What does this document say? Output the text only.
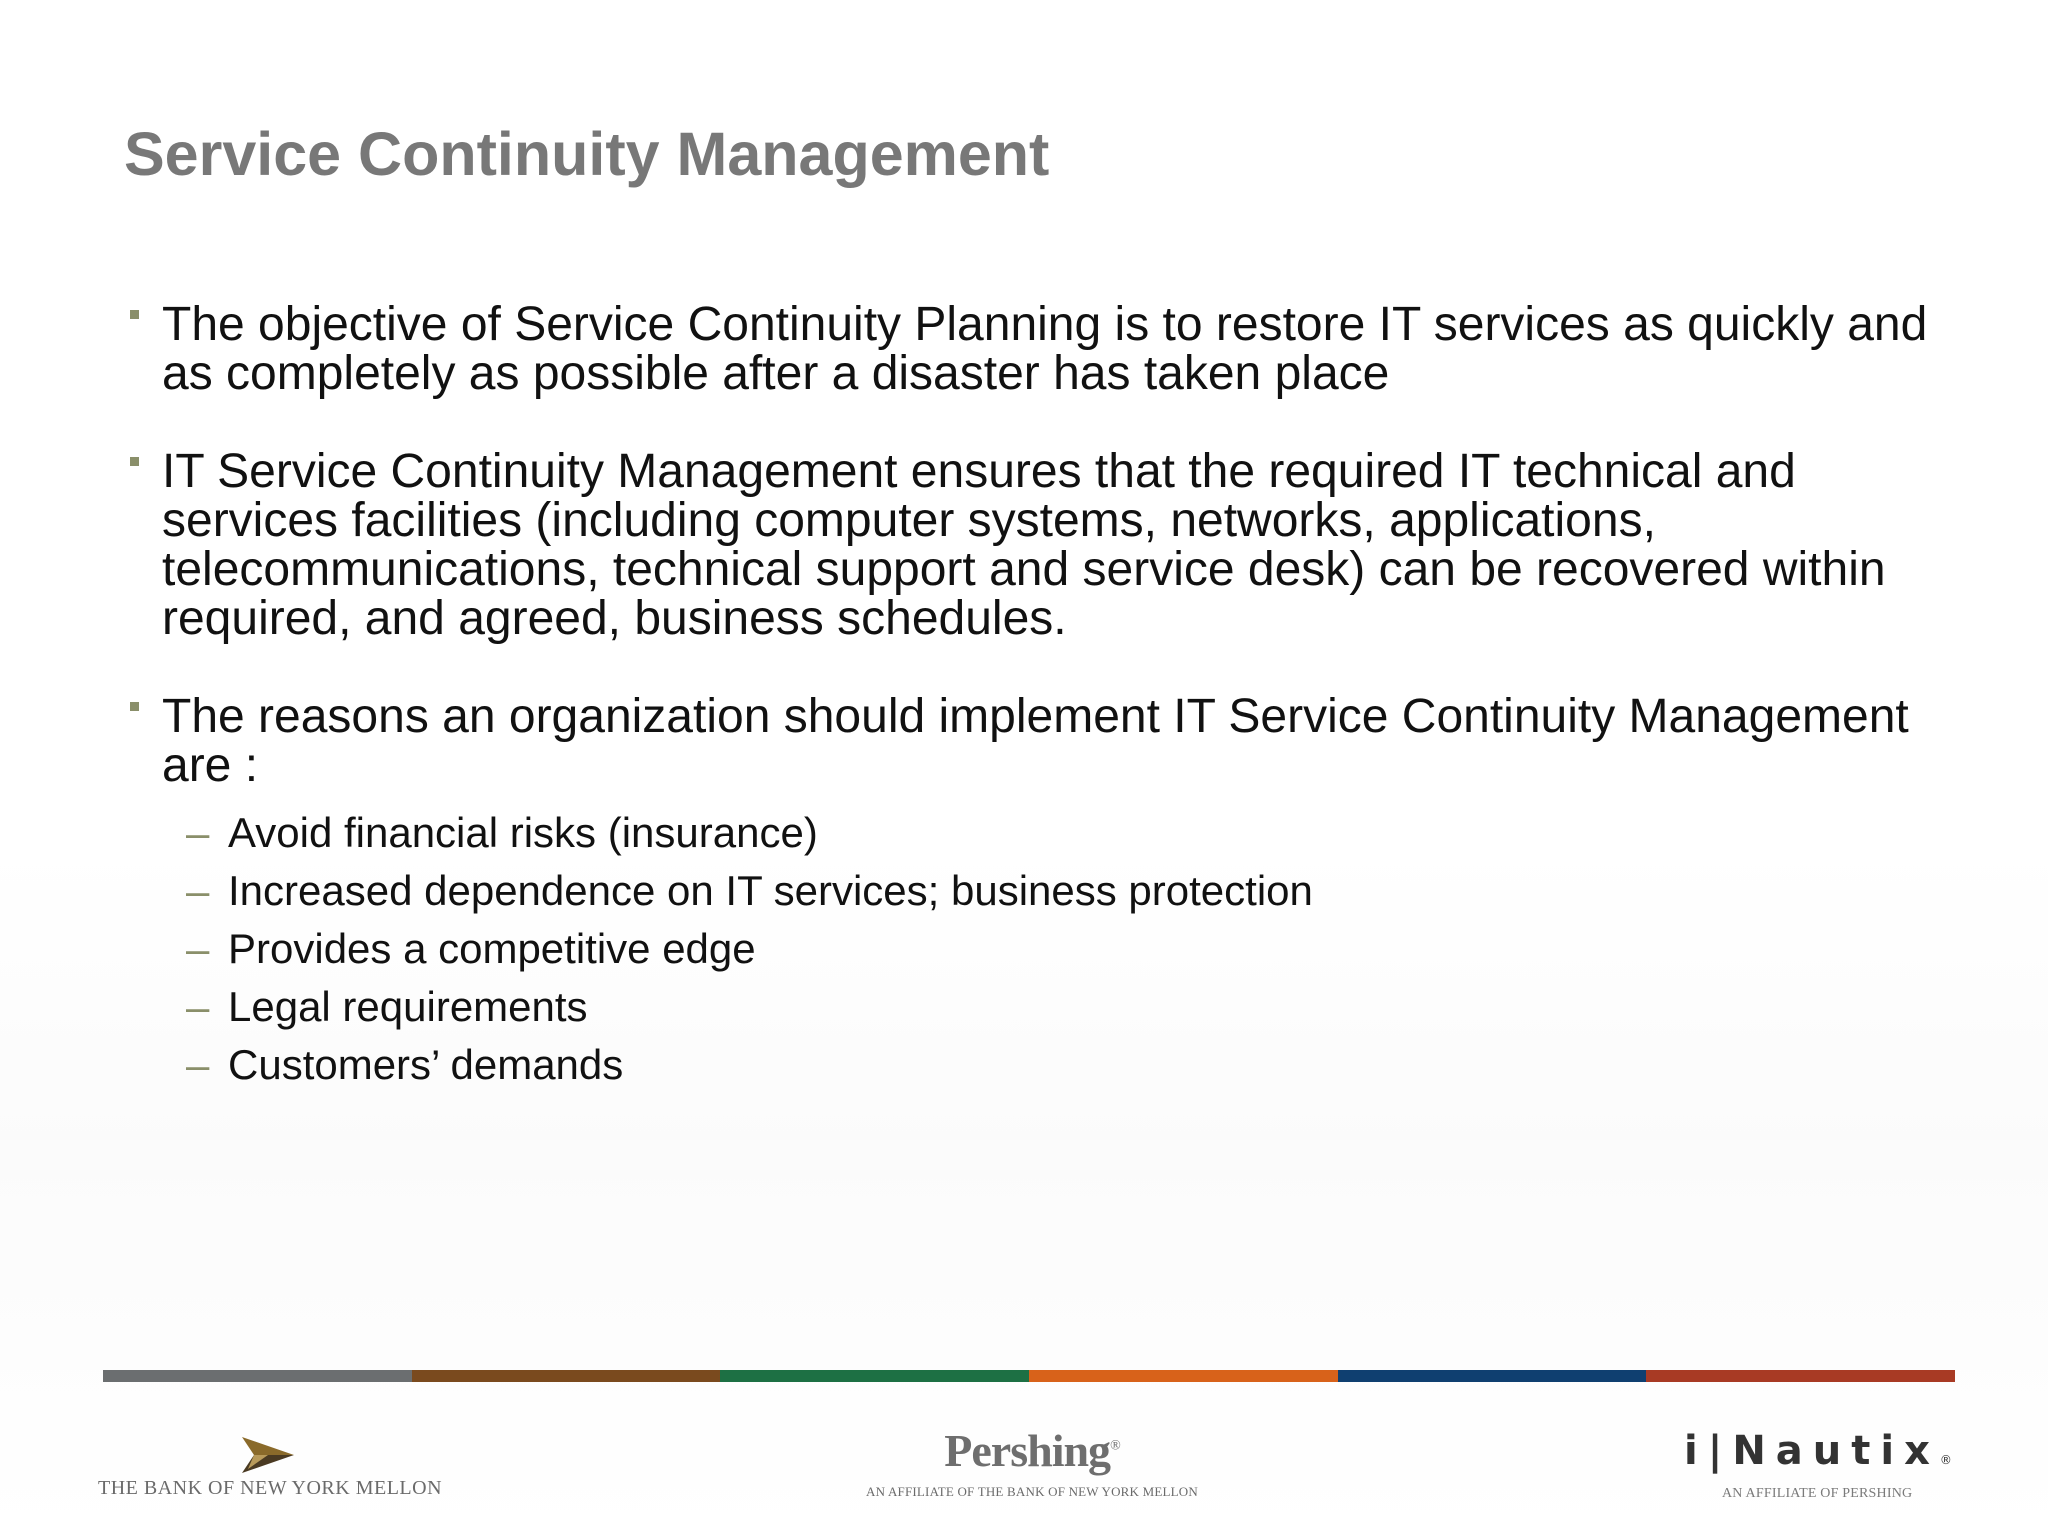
Service Continuity Management
The objective of Service Continuity Planning is to restore IT services as quickly and as completely as possible after a disaster has taken place
IT Service Continuity Management ensures that the required IT technical and services facilities (including computer systems, networks, applications, telecommunications, technical support and service desk) can be recovered within required, and agreed, business schedules.
The reasons an organization should implement IT Service Continuity Management are :
– Avoid financial risks (insurance)
– Increased dependence on IT services; business protection
– Provides a competitive edge
– Legal requirements
– Customers’ demands
THE BANK OF NEW YORK MELLON
Pershing®
AN AFFILIATE OF THE BANK OF NEW YORK MELLON
i|Nautix®
AN AFFILIATE OF PERSHING
